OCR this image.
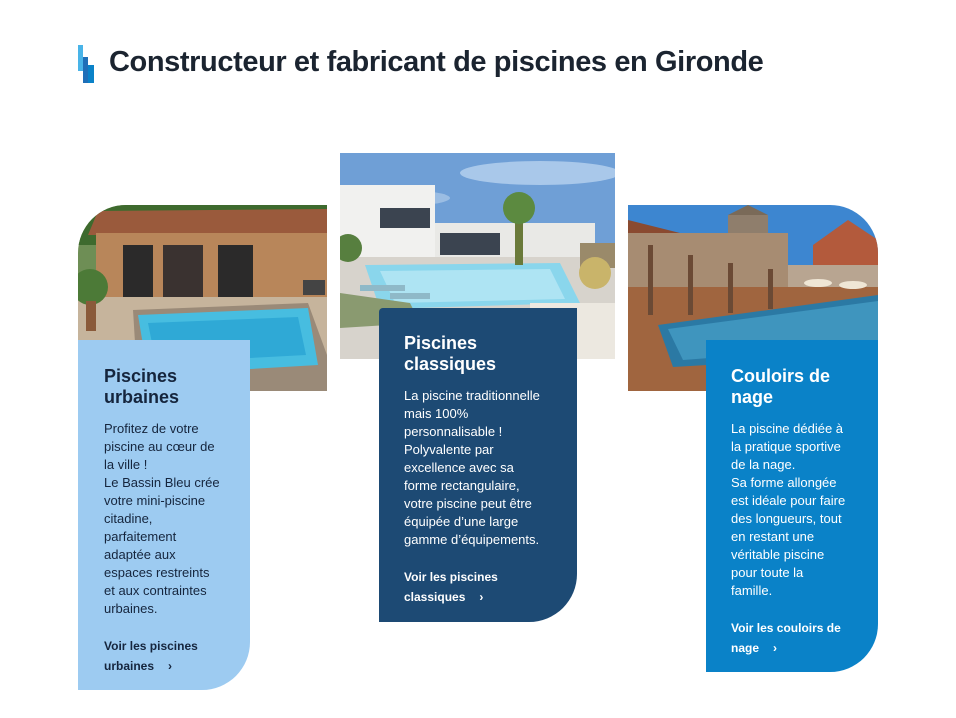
Constructeur et fabricant de piscines en Gironde
Piscines
urbaines

Profitez de votre
piscine au cœur de
la ville !
Le Bassin Bleu crée
votre mini-piscine
citadine,
parfaitement
adaptée aux
espaces restreints
et aux contraintes
urbaines.

Voir les piscines
urbaines ›
Piscines
classiques

La piscine traditionnelle
mais 100%
personnalisable !
Polyvalente par
excellence avec sa
forme rectangulaire,
votre piscine peut être
équipée d’une large
gamme d’équipements.

Voir les piscines
classiques ›
Couloirs de
nage

La piscine dédiée à
la pratique sportive
de la nage.
Sa forme allongée
est idéale pour faire
des longueurs, tout
en restant une
véritable piscine
pour toute la
famille.

Voir les couloirs de
nage ›
